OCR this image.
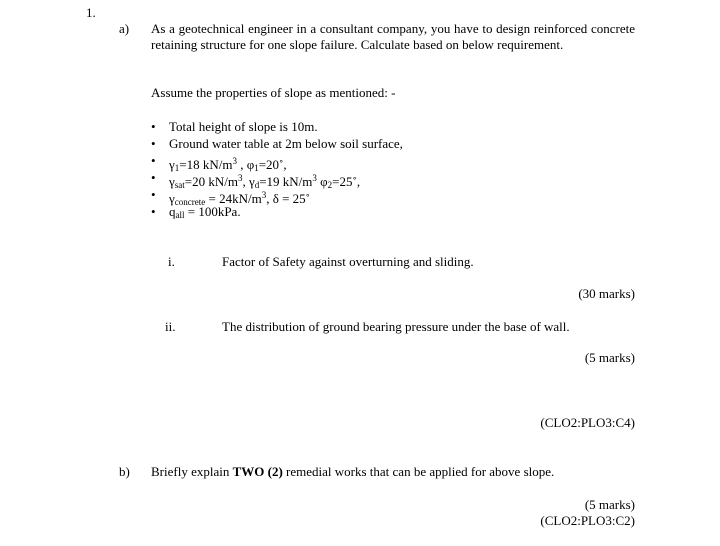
1.
a) As a geotechnical engineer in a consultant company, you have to design reinforced concrete retaining structure for one slope failure. Calculate based on below requirement.
Assume the properties of slope as mentioned: -
• Total height of slope is 10m.
• Ground water table at 2m below soil surface,
• $\gamma_1=18$ $kN/m^3$ , $\varphi_1=20˚$,
• $\gamma_{sat}=20$ $kN/m^3$, $\gamma_d=19$ $kN/m^3$ $\varphi_2=25˚$,
• $\gamma_{concrete} = 24kN/m^3$, δ = 25˚
• $q_{all} = 100kPa$.
i.	Factor of Safety against overturning and sliding.
(30 marks)
ii.	The distribution of ground bearing pressure under the base of wall.
(5 marks)
(CLO2:PLO3:C4)
b) Briefly explain TWO (2) remedial works that can be applied for above slope.
(5 marks)
(CLO2:PLO3:C2)
